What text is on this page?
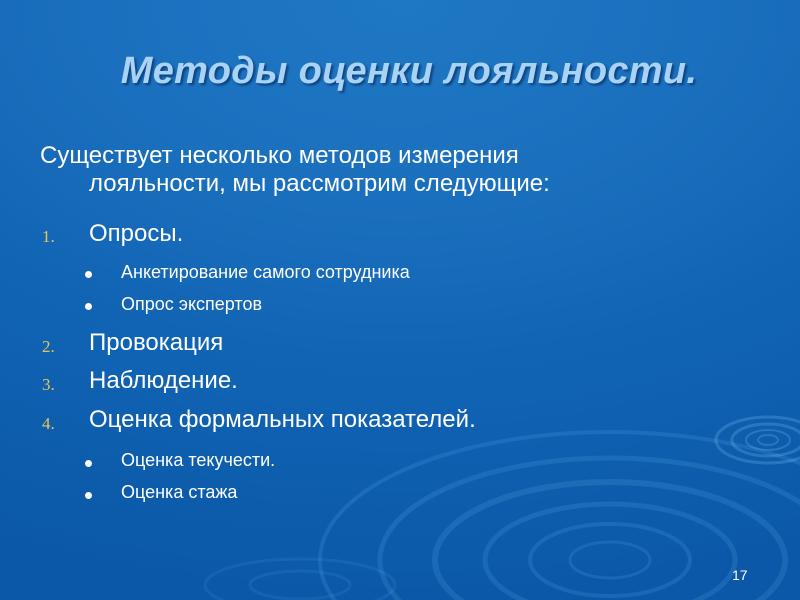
Методы оценки лояльности.
Существует несколько методов измерения
лояльности, мы рассмотрим следующие:
1. Опросы.
Анкетирование самого сотрудника
Опрос экспертов
2. Провокация
3. Наблюдение.
4. Оценка формальных показателей.
Оценка текучести.
Оценка стажа
17
